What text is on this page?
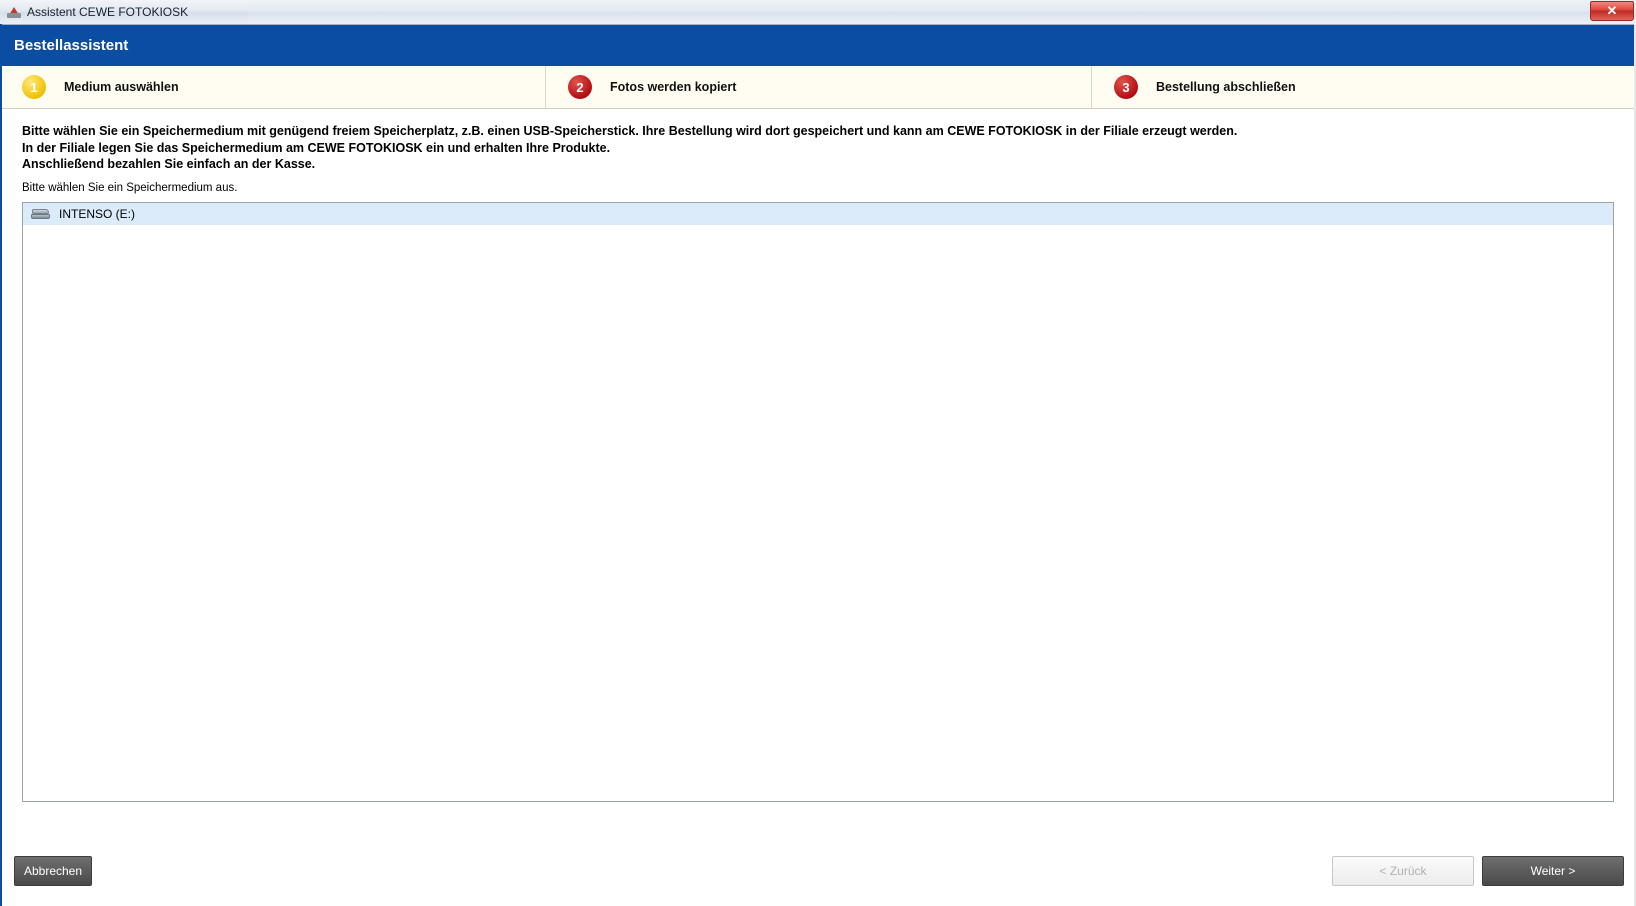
Assistent CEWE FOTOKIOSK	✕
Bestellassistent
1	Medium auswählen	2	Fotos werden kopiert	3	Bestellung abschließen

Bitte wählen Sie ein Speichermedium mit genügend freiem Speicherplatz, z.B. einen USB-Speicherstick. Ihre Bestellung wird dort gespeichert und kann am CEWE FOTOKIOSK in der Filiale erzeugt werden.

In der Filiale legen Sie das Speichermedium am CEWE FOTOKIOSK ein und erhalten Ihre Produkte.

Anschließend bezahlen Sie einfach an der Kasse.

Bitte wählen Sie ein Speichermedium aus.
INTENSO (E:)
Abbrechen	< Zurück	Weiter >
